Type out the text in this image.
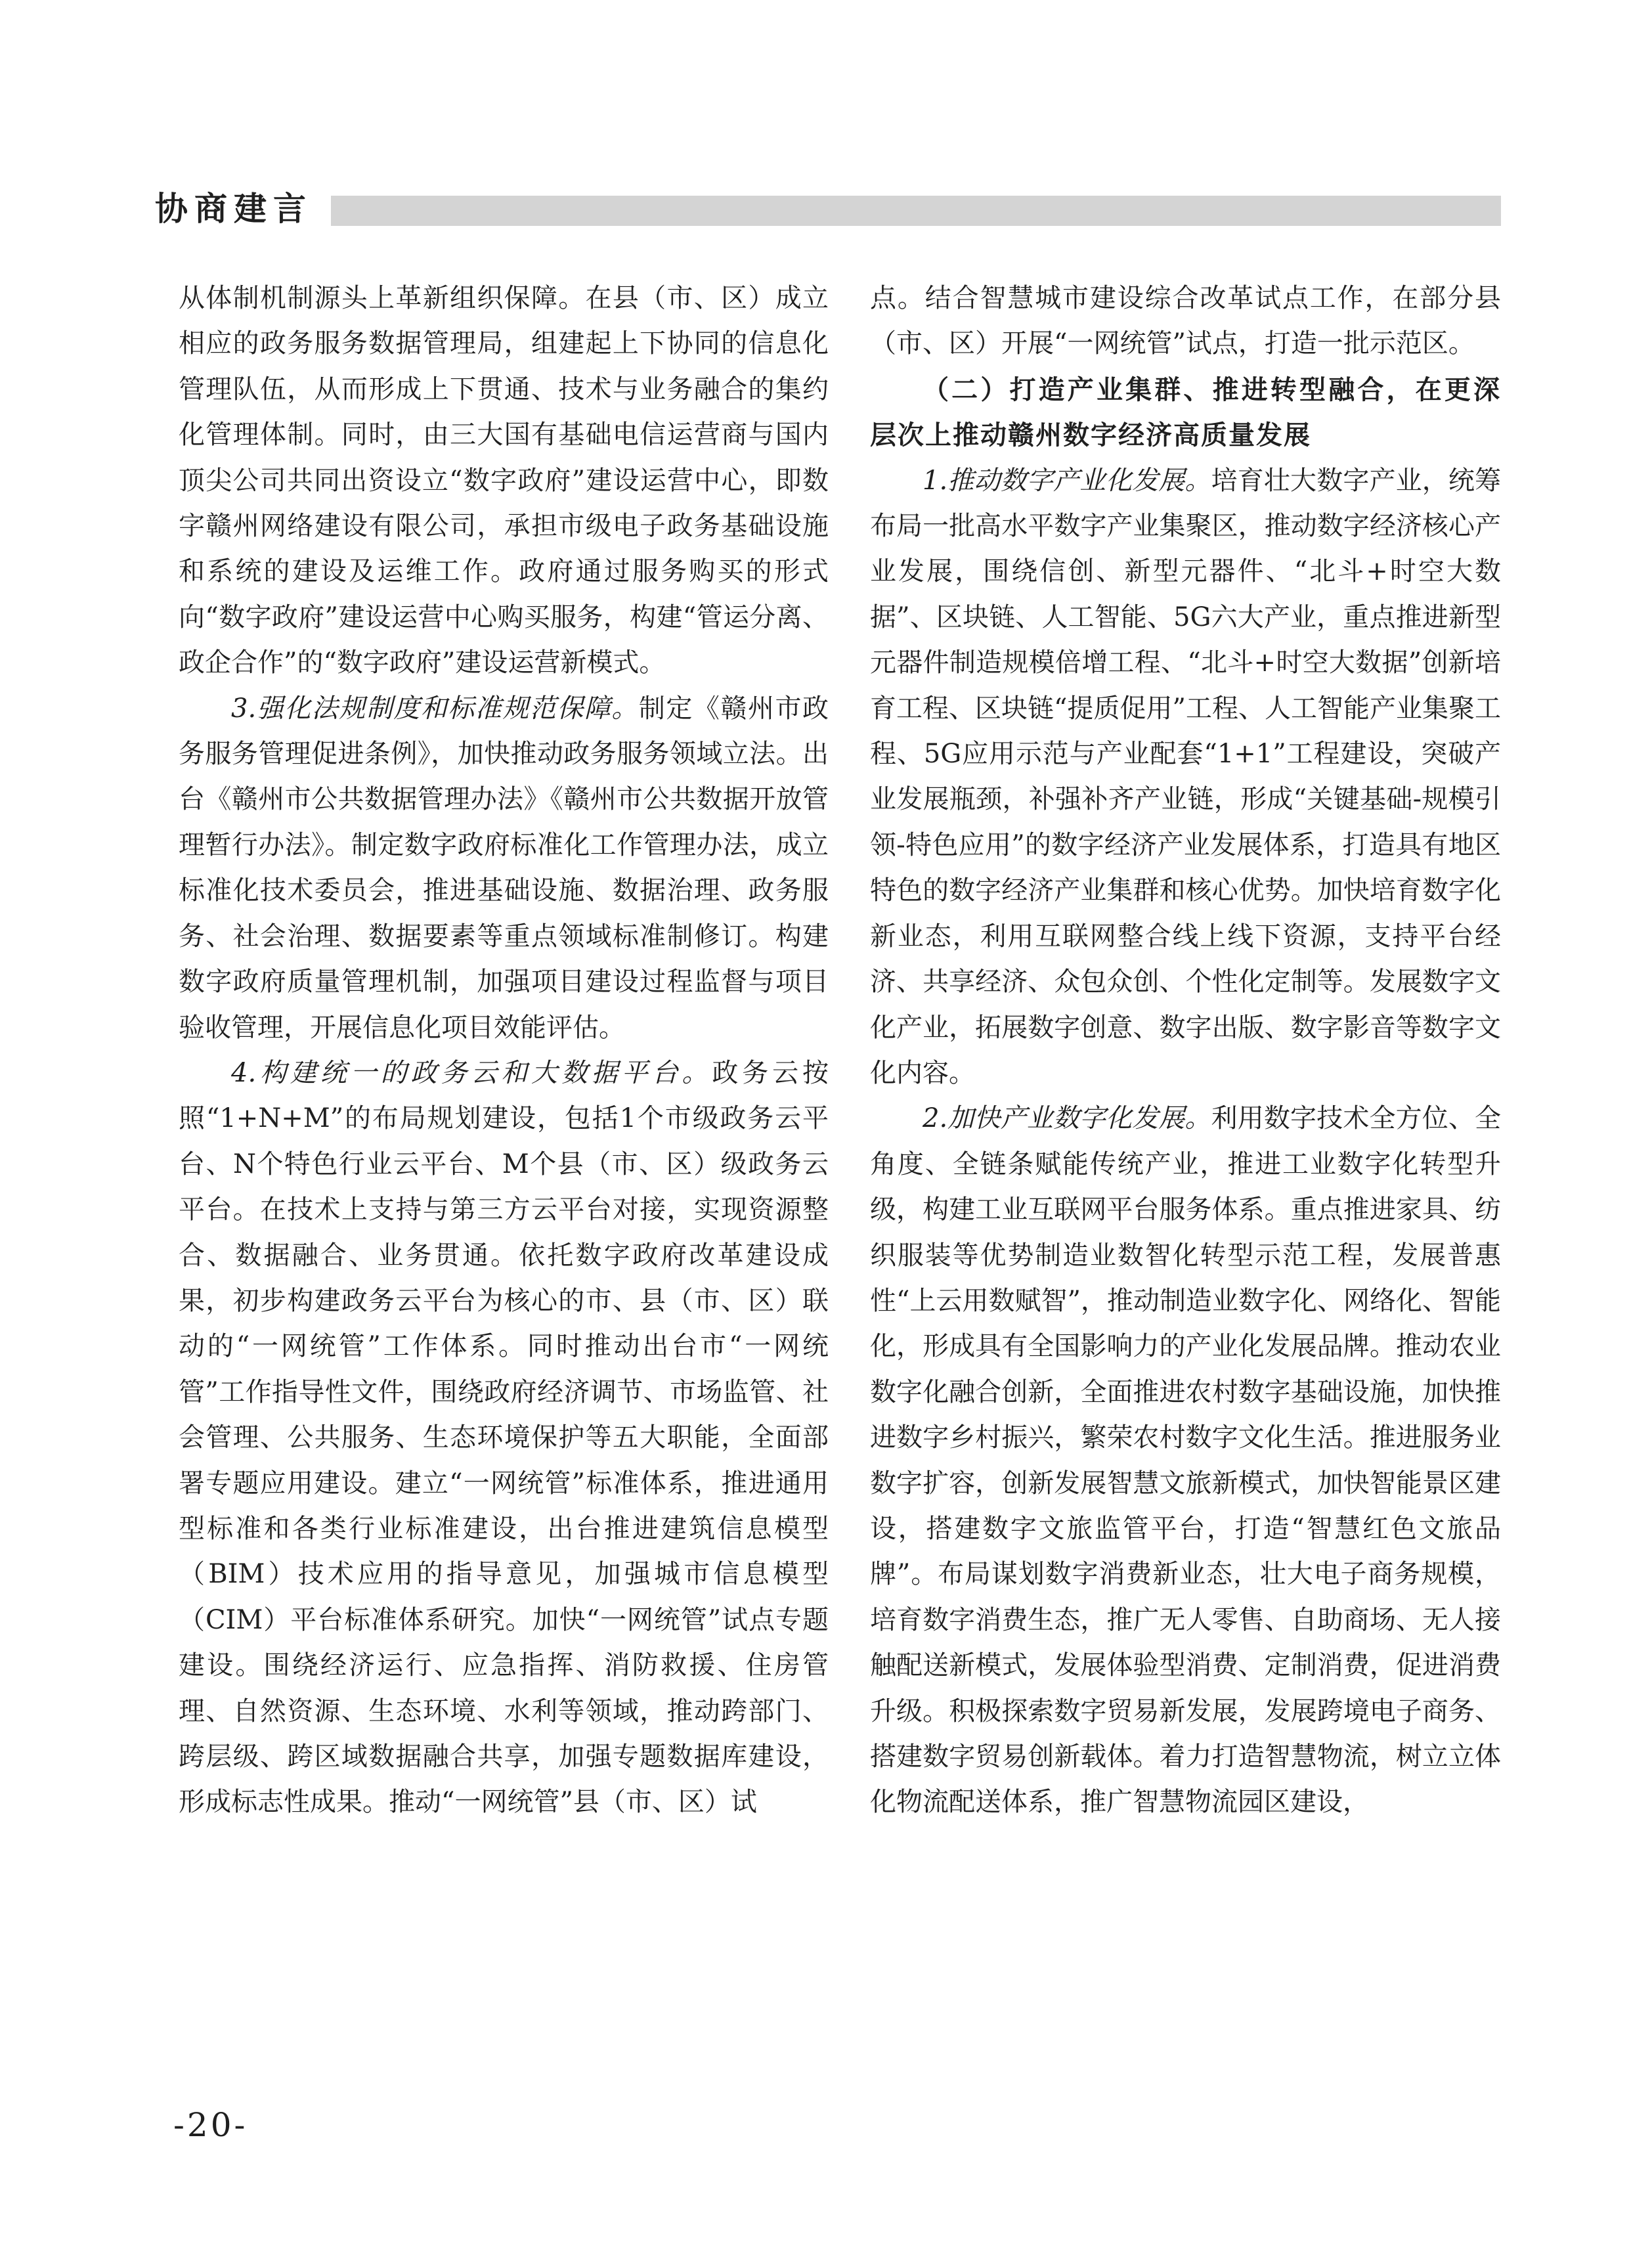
协商建言

从体制机制源头上革新组织保障。在县（市、区）成立相应的政务服务数据管理局，组建起上下协同的信息化管理队伍，从而形成上下贯通、技术与业务融合的集约化管理体制。同时，由三大国有基础电信运营商与国内顶尖公司共同出资设立“数字政府”建设运营中心，即数字赣州网络建设有限公司，承担市级电子政务基础设施和系统的建设及运维工作。政府通过服务购买的形式向“数字政府”建设运营中心购买服务，构建“管运分离、政企合作”的“数字政府”建设运营新模式。

3.强化法规制度和标准规范保障。制定《赣州市政务服务管理促进条例》，加快推动政务服务领域立法。出台《赣州市公共数据管理办法》《赣州市公共数据开放管理暂行办法》。制定数字政府标准化工作管理办法，成立标准化技术委员会，推进基础设施、数据治理、政务服务、社会治理、数据要素等重点领域标准制修订。构建数字政府质量管理机制，加强项目建设过程监督与项目验收管理，开展信息化项目效能评估。

4.构建统一的政务云和大数据平台。政务云按照“1+N+M”的布局规划建设，包括1个市级政务云平台、N个特色行业云平台、M个县（市、区）级政务云平台。在技术上支持与第三方云平台对接，实现资源整合、数据融合、业务贯通。依托数字政府改革建设成果，初步构建政务云平台为核心的市、县（市、区）联动的“一网统管”工作体系。同时推动出台市“一网统管”工作指导性文件，围绕政府经济调节、市场监管、社会管理、公共服务、生态环境保护等五大职能，全面部署专题应用建设。建立“一网统管”标准体系，推进通用型标准和各类行业标准建设，出台推进建筑信息模型（BIM）技术应用的指导意见，加强城市信息模型（CIM）平台标准体系研究。加快“一网统管”试点专题建设。围绕经济运行、应急指挥、消防救援、住房管理、自然资源、生态环境、水利等领域，推动跨部门、跨层级、跨区域数据融合共享，加强专题数据库建设，形成标志性成果。推动“一网统管”县（市、区）试

点。结合智慧城市建设综合改革试点工作，在部分县（市、区）开展“一网统管”试点，打造一批示范区。

（二）打造产业集群、推进转型融合，在更深层次上推动赣州数字经济高质量发展

1.推动数字产业化发展。培育壮大数字产业，统筹布局一批高水平数字产业集聚区，推动数字经济核心产业发展，围绕信创、新型元器件、“北斗+时空大数据”、区块链、人工智能、5G六大产业，重点推进新型元器件制造规模倍增工程、“北斗+时空大数据”创新培育工程、区块链“提质促用”工程、人工智能产业集聚工程、5G应用示范与产业配套“1+1”工程建设，突破产业发展瓶颈，补强补齐产业链，形成“关键基础-规模引领-特色应用”的数字经济产业发展体系，打造具有地区特色的数字经济产业集群和核心优势。加快培育数字化新业态，利用互联网整合线上线下资源，支持平台经济、共享经济、众包众创、个性化定制等。发展数字文化产业，拓展数字创意、数字出版、数字影音等数字文化内容。

2.加快产业数字化发展。利用数字技术全方位、全角度、全链条赋能传统产业，推进工业数字化转型升级，构建工业互联网平台服务体系。重点推进家具、纺织服装等优势制造业数智化转型示范工程，发展普惠性“上云用数赋智”，推动制造业数字化、网络化、智能化，形成具有全国影响力的产业化发展品牌。推动农业数字化融合创新，全面推进农村数字基础设施，加快推进数字乡村振兴，繁荣农村数字文化生活。推进服务业数字扩容，创新发展智慧文旅新模式，加快智能景区建设，搭建数字文旅监管平台，打造“智慧红色文旅品牌”。布局谋划数字消费新业态，壮大电子商务规模，培育数字消费生态，推广无人零售、自助商场、无人接触配送新模式，发展体验型消费、定制消费，促进消费升级。积极探索数字贸易新发展，发展跨境电子商务、搭建数字贸易创新载体。着力打造智慧物流，树立立体化物流配送体系，推广智慧物流园区建设，

-20-
